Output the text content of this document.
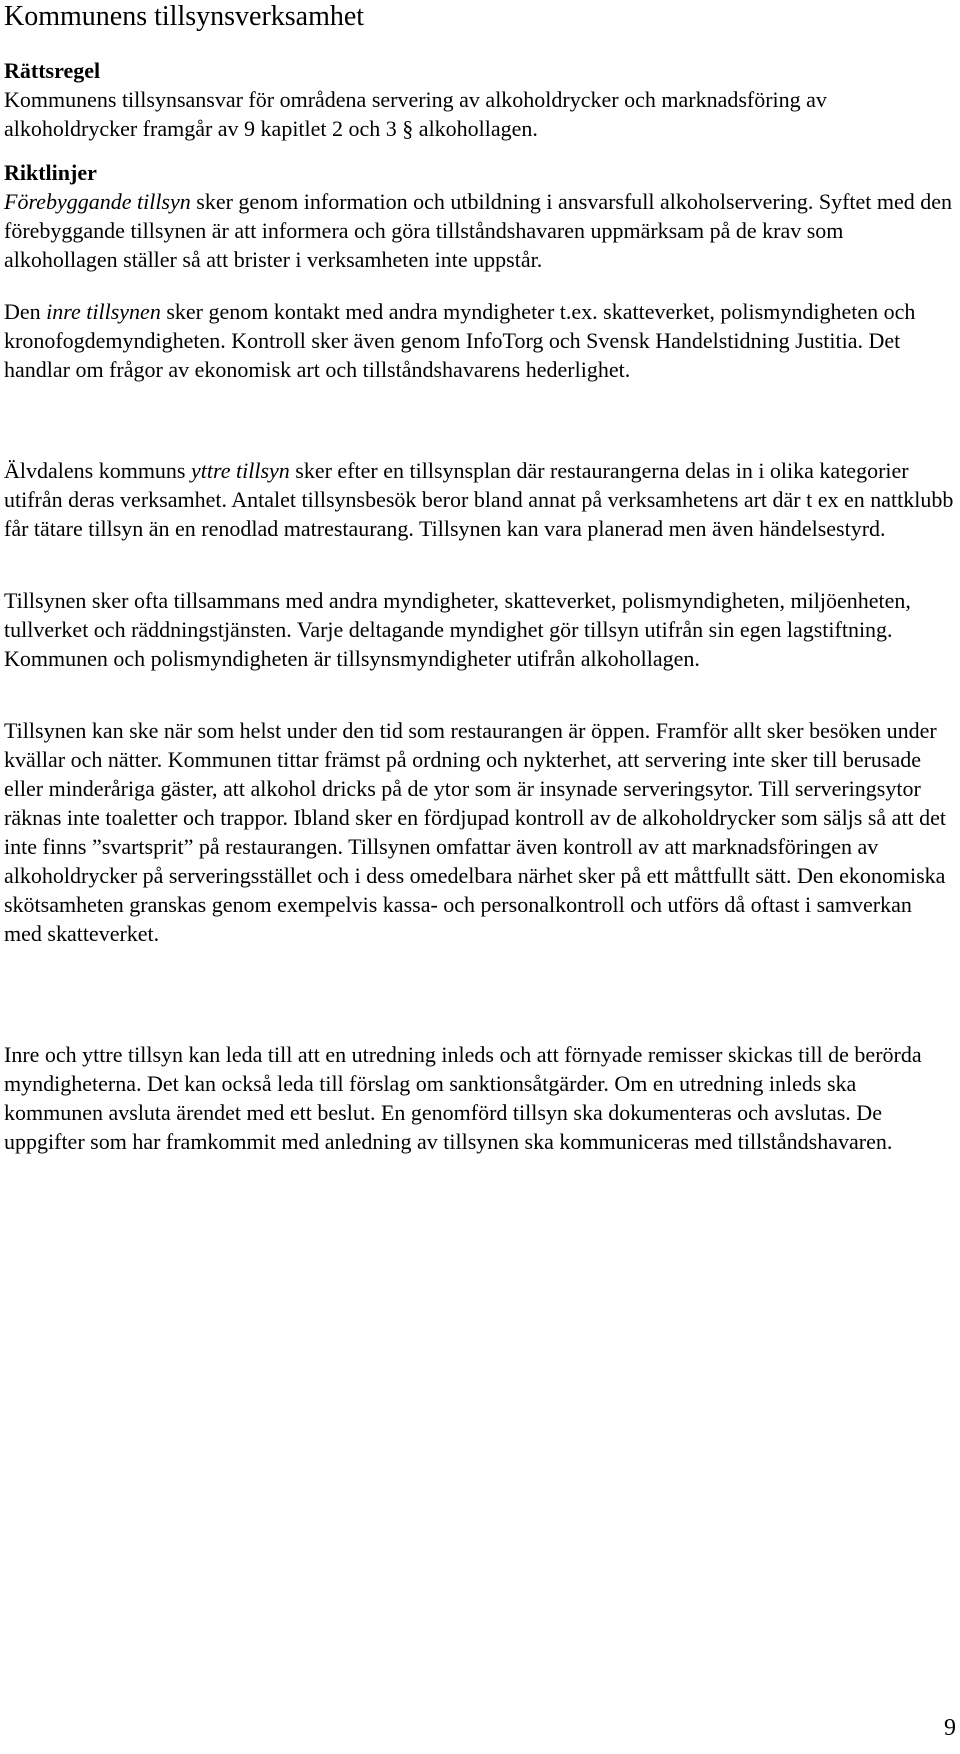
Kommunens tillsynsverksamhet
Rättsregel

Kommunens tillsynsansvar för områdena servering av alkoholdrycker och marknadsföring av alkoholdrycker framgår av 9 kapitlet 2 och 3 § alkohollagen.

Riktlinjer

Förebyggande tillsyn sker genom information och utbildning i ansvarsfull alkoholservering. Syftet med den förebyggande tillsynen är att informera och göra tillståndshavaren uppmärksam på de krav som alkohollagen ställer så att brister i verksamheten inte uppstår.

Den inre tillsynen sker genom kontakt med andra myndigheter t.ex. skatteverket, polismyndigheten och kronofogdemyndigheten. Kontroll sker även genom InfoTorg och Svensk Handelstidning Justitia. Det handlar om frågor av ekonomisk art och tillståndshavarens hederlighet.

Älvdalens kommuns yttre tillsyn sker efter en tillsynsplan där restaurangerna delas in i olika kategorier utifrån deras verksamhet. Antalet tillsynsbesök beror bland annat på verksamhetens art där t ex en nattklubb får tätare tillsyn än en renodlad matrestaurang. Tillsynen kan vara planerad men även händelsestyrd.

Tillsynen sker ofta tillsammans med andra myndigheter, skatteverket, polismyndigheten, miljöenheten, tullverket och räddningstjänsten. Varje deltagande myndighet gör tillsyn utifrån sin egen lagstiftning. Kommunen och polismyndigheten är tillsynsmyndigheter utifrån alkohollagen.

Tillsynen kan ske när som helst under den tid som restaurangen är öppen. Framför allt sker besöken under kvällar och nätter. Kommunen tittar främst på ordning och nykterhet, att servering inte sker till berusade eller minderåriga gäster, att alkohol dricks på de ytor som är insynade serveringsytor. Till serveringsytor räknas inte toaletter och trappor. Ibland sker en fördjupad kontroll av de alkoholdrycker som säljs så att det inte finns ”svartsprit” på restaurangen. Tillsynen omfattar även kontroll av att marknadsföringen av alkoholdrycker på serveringsstället och i dess omedelbara närhet sker på ett måttfullt sätt. Den ekonomiska skötsamheten granskas genom exempelvis kassa- och personalkontroll och utförs då oftast i samverkan med skatteverket.

Inre och yttre tillsyn kan leda till att en utredning inleds och att förnyade remisser skickas till de berörda myndigheterna. Det kan också leda till förslag om sanktionsåtgärder. Om en utredning inleds ska kommunen avsluta ärendet med ett beslut. En genomförd tillsyn ska dokumenteras och avslutas. De uppgifter som har framkommit med anledning av tillsynen ska kommuniceras med tillståndshavaren.

9
